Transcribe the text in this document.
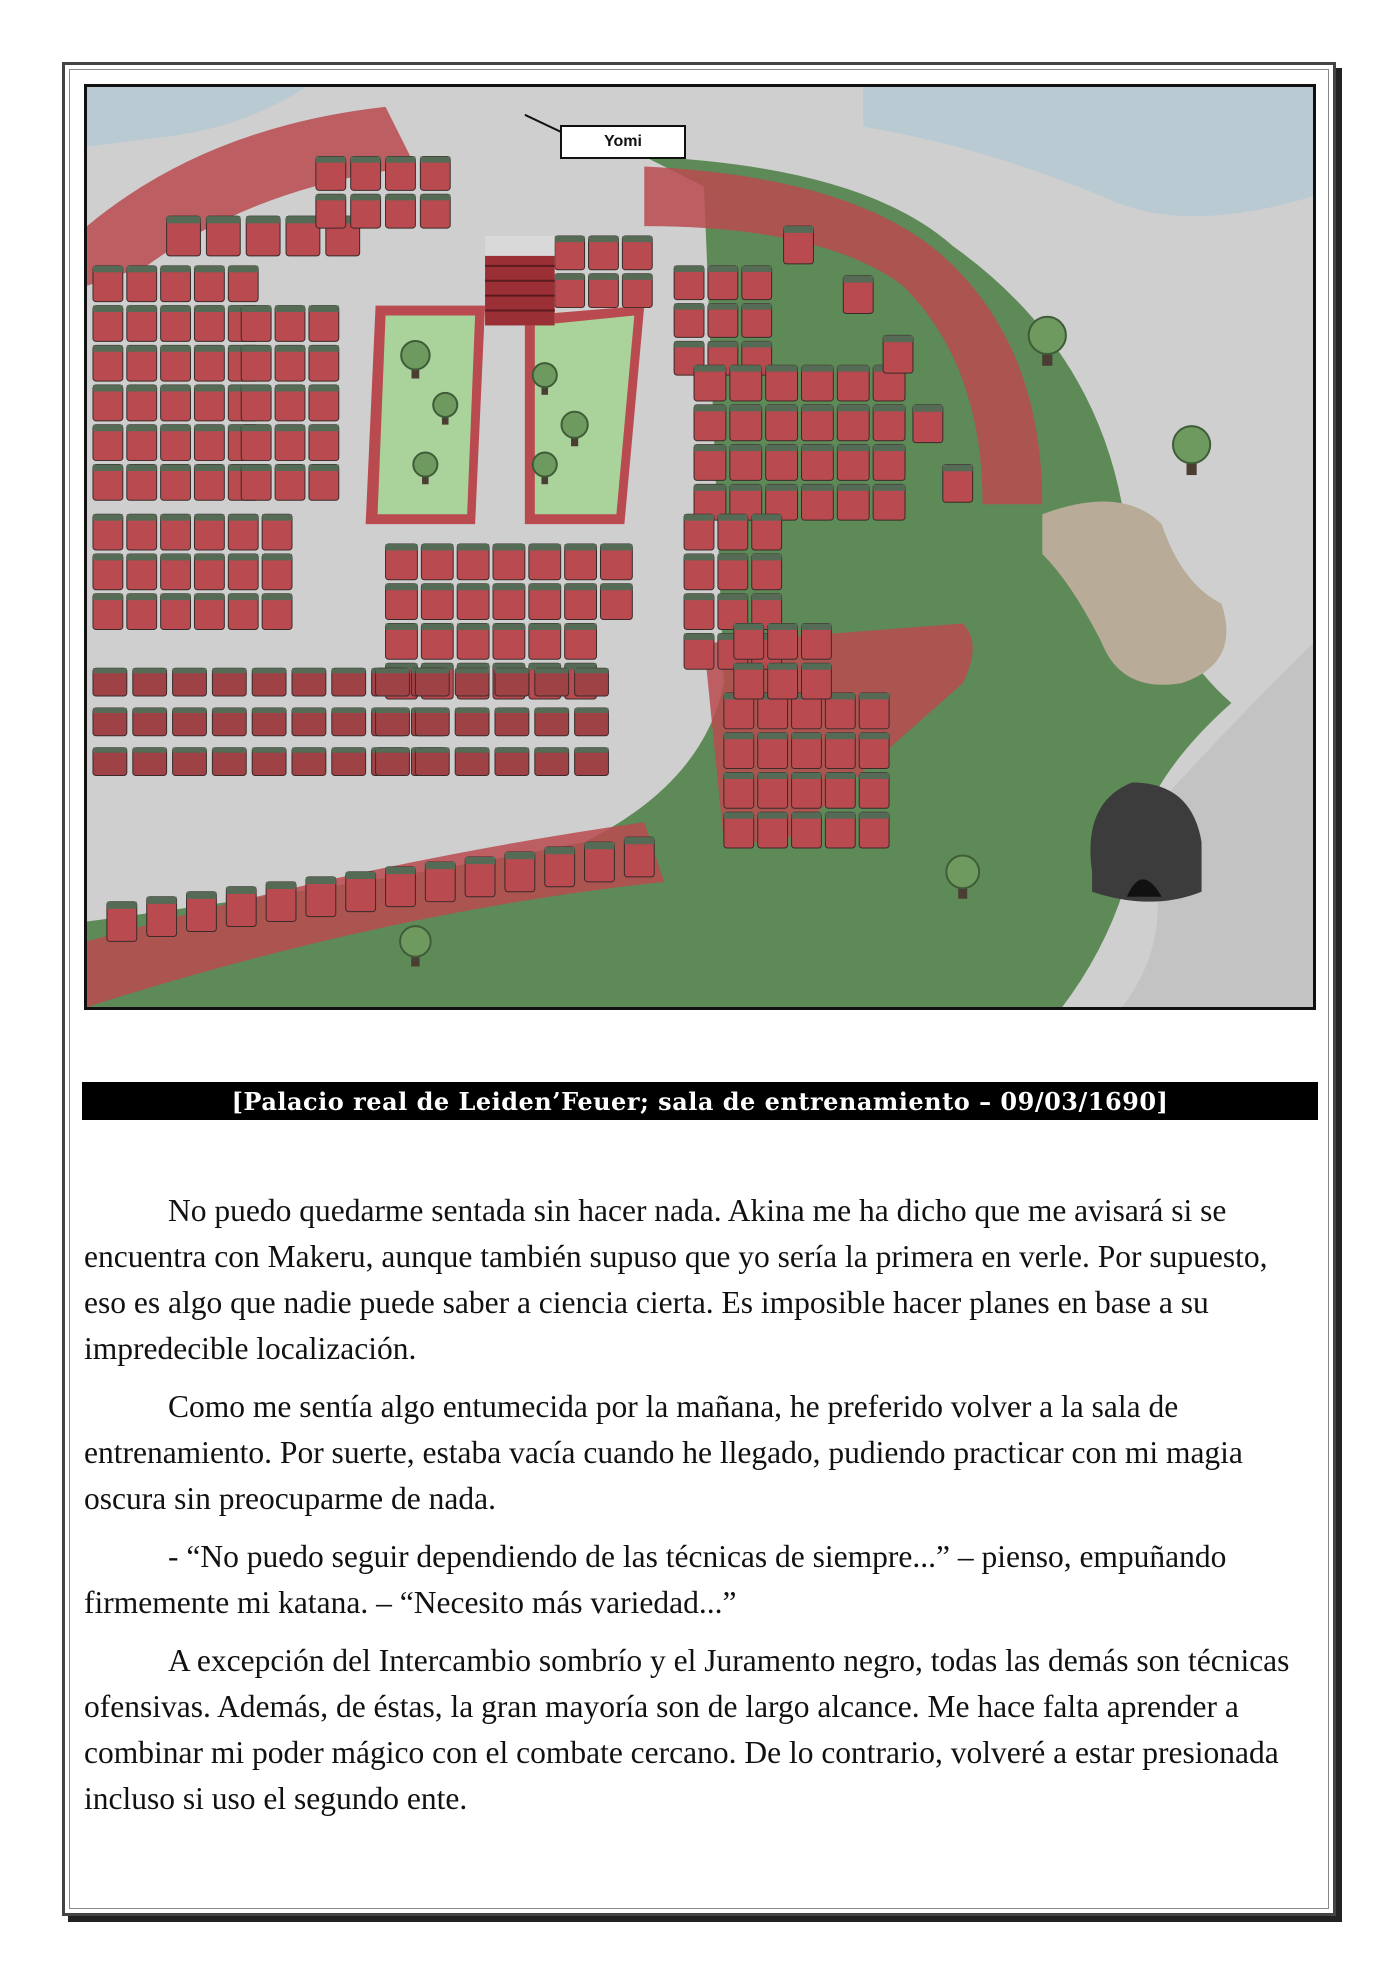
Yomi
[Palacio real de Leiden’Feuer; sala de entrenamiento – 09/03/1690]

No puedo quedarme sentada sin hacer nada. Akina me ha dicho que me avisará si se encuentra con Makeru, aunque también supuso que yo sería la primera en verle. Por supuesto, eso es algo que nadie puede saber a ciencia cierta. Es imposible hacer planes en base a su impredecible localización.

Como me sentía algo entumecida por la mañana, he preferido volver a la sala de entrenamiento. Por suerte, estaba vacía cuando he llegado, pudiendo practicar con mi magia oscura sin preocuparme de nada.

- “No puedo seguir dependiendo de las técnicas de siempre...” – pienso, empuñando firmemente mi katana. – “Necesito más variedad...”

A excepción del Intercambio sombrío y el Juramento negro, todas las demás son técnicas ofensivas. Además, de éstas, la gran mayoría son de largo alcance. Me hace falta aprender a combinar mi poder mágico con el combate cercano. De lo contrario, volveré a estar presionada incluso si uso el segundo ente.
